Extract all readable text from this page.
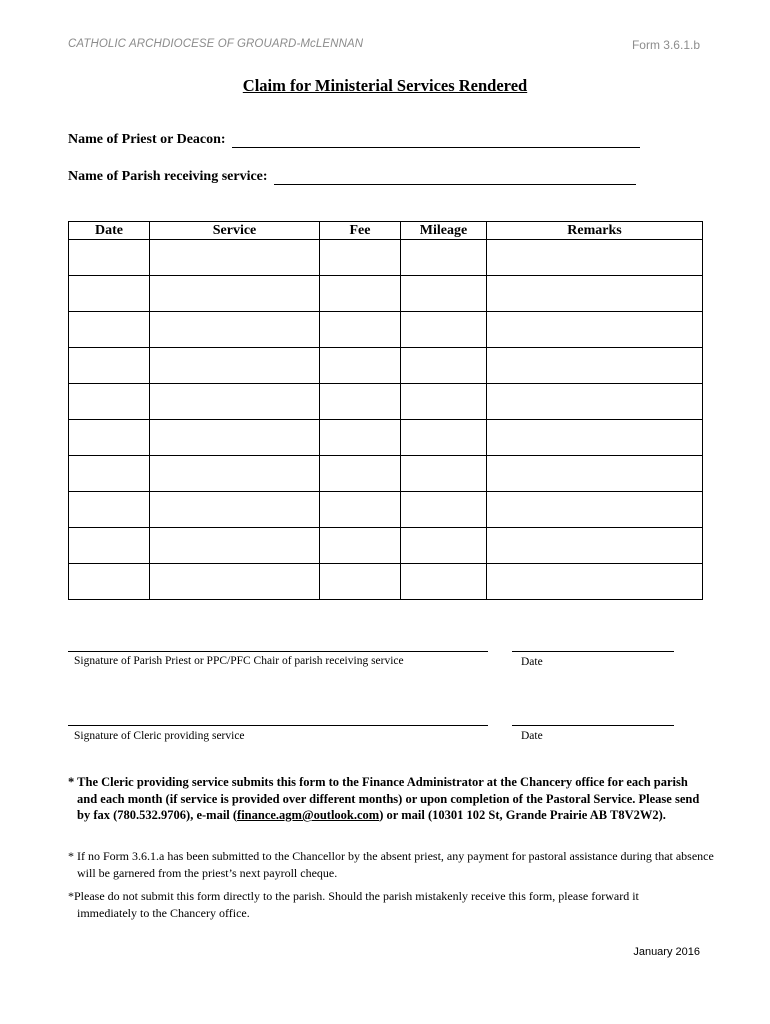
CATHOLIC ARCHDIOCESE OF GROUARD-McLENNAN	Form 3.6.1.b
Claim for Ministerial Services Rendered
Name of Priest or Deacon:
Name of Parish receiving service:
Date	Service	Fee	Mileage	Remarks

Signature of Parish Priest or PPC/PFC Chair of parish receiving service	Date
Signature of Cleric providing service	Date
* The Cleric providing service submits this form to the Finance Administrator at the Chancery office for each parish and each month (if service is provided over different months) or upon completion of the Pastoral Service. Please send by fax (780.532.9706), e-mail (finance.agm@outlook.com) or mail (10301 102 St, Grande Prairie AB T8V2W2).
* If no Form 3.6.1.a has been submitted to the Chancellor by the absent priest, any payment for pastoral assistance during that absence will be garnered from the priest’s next payroll cheque.
*Please do not submit this form directly to the parish. Should the parish mistakenly receive this form, please forward it immediately to the Chancery office.
January 2016
